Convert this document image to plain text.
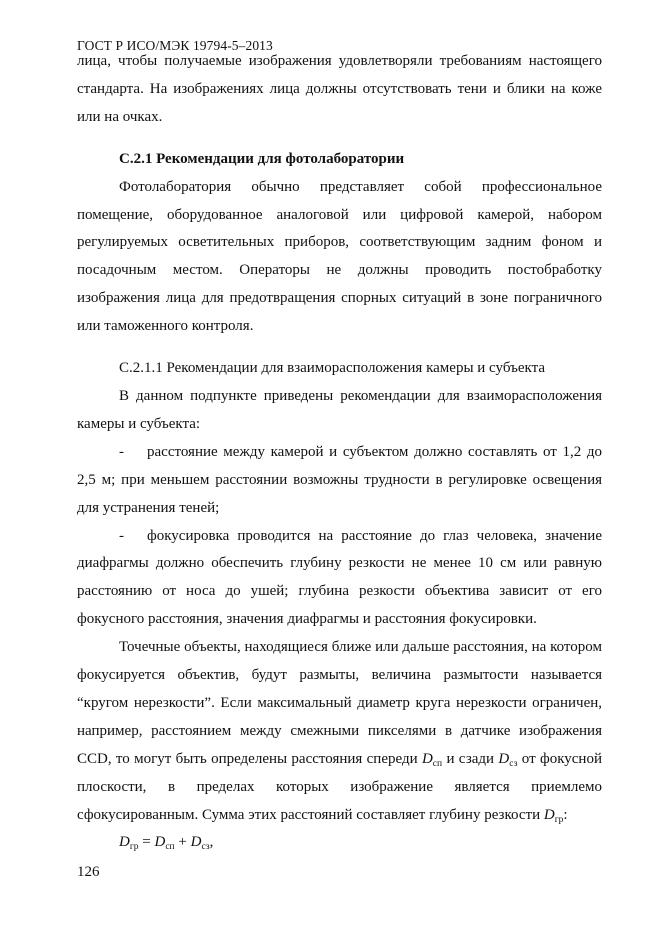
ГОСТ Р ИСО/МЭК 19794-5–2013

лица, чтобы получаемые изображения удовлетворяли требованиям настоящего стандарта. На изображениях лица должны отсутствовать тени и блики на коже или на очках.

С.2.1 Рекомендации для фотолаборатории

Фотолаборатория обычно представляет собой профессиональное помещение, оборудованное аналоговой или цифровой камерой, набором регулируемых осветительных приборов, соответствующим задним фоном и посадочным местом. Операторы не должны проводить постобработку изображения лица для предотвращения спорных ситуаций в зоне пограничного или таможенного контроля.

С.2.1.1 Рекомендации для взаиморасположения камеры и субъекта

В данном подпункте приведены рекомендации для взаиморасположения камеры и субъекта:

- расстояние между камерой и субъектом должно составлять от 1,2 до 2,5 м; при меньшем расстоянии возможны трудности в регулировке освещения для устранения теней;

- фокусировка проводится на расстояние до глаз человека, значение диафрагмы должно обеспечить глубину резкости не менее 10 см или равную расстоянию от носа до ушей; глубина резкости объектива зависит от его фокусного расстояния, значения диафрагмы и расстояния фокусировки.

Точечные объекты, находящиеся ближе или дальше расстояния, на котором фокусируется объектив, будут размыты, величина размытости называется “кругом нерезкости”. Если максимальный диаметр круга нерезкости ограничен, например, расстоянием между смежными пикселями в датчике изображения CCD, то могут быть определены расстояния спереди $D_{сп}$ и сзади $D_{сз}$ от фокусной плоскости, в пределах которых изображение является приемлемо сфокусированным. Сумма этих расстояний составляет глубину резкости $D_{гр}$:

$D_{гр} = D_{сп} + D_{сз}$,

126
